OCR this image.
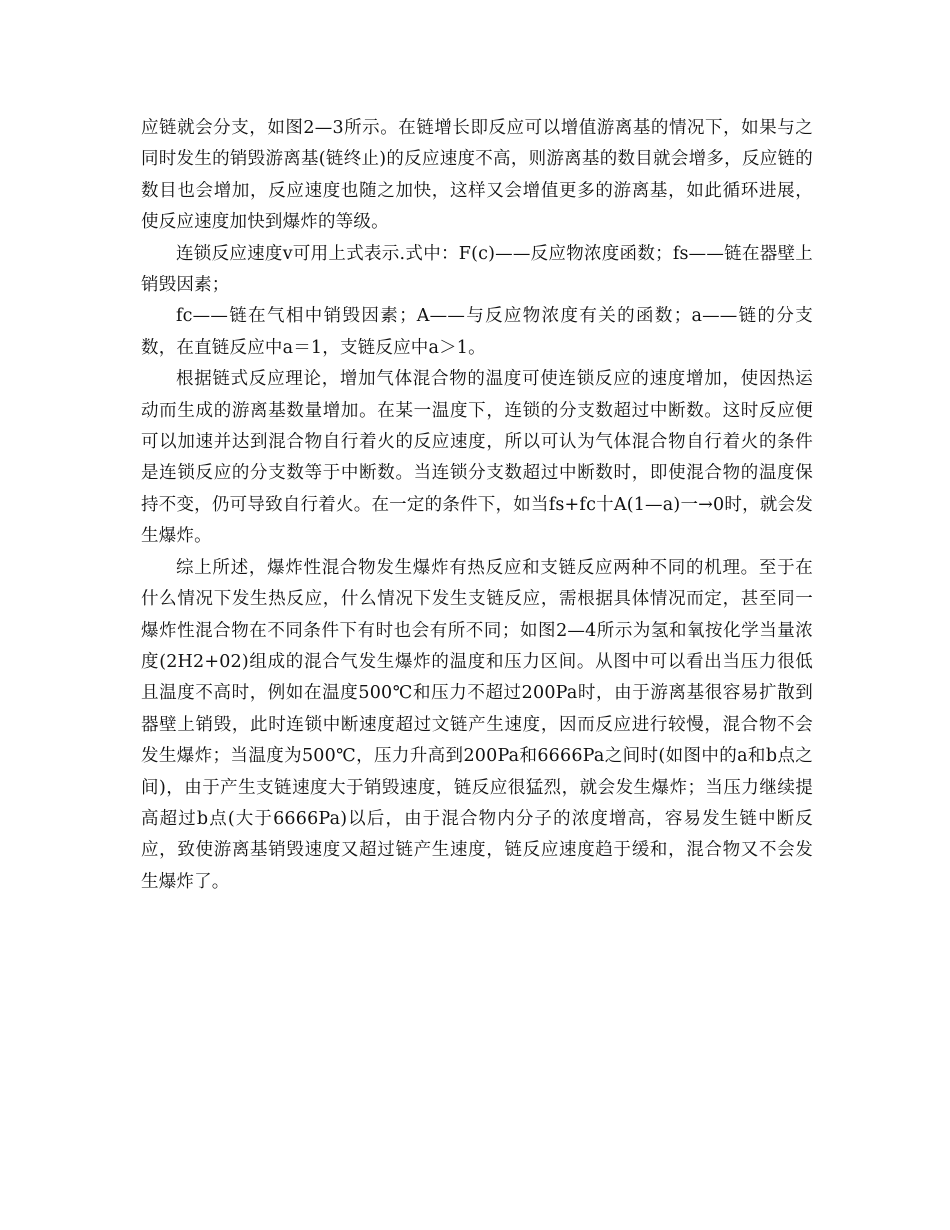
应链就会分支，如图2—3所示。在链增长即反应可以增值游离基的情况下，如果与之同时发生的销毁游离基(链终止)的反应速度不高，则游离基的数目就会增多，反应链的数目也会增加，反应速度也随之加快，这样又会增值更多的游离基，如此循环进展，使反应速度加快到爆炸的等级。

连锁反应速度v可用上式表示.式中：F(c)——反应物浓度函数；fs——链在器壁上销毁因素；

fc——链在气相中销毁因素；A——与反应物浓度有关的函数；a——链的分支数，在直链反应中a＝1，支链反应中a＞1。

根据链式反应理论，增加气体混合物的温度可使连锁反应的速度增加，使因热运动而生成的游离基数量增加。在某一温度下，连锁的分支数超过中断数。这时反应便可以加速并达到混合物自行着火的反应速度，所以可认为气体混合物自行着火的条件是连锁反应的分支数等于中断数。当连锁分支数超过中断数时，即使混合物的温度保持不变，仍可导致自行着火。在一定的条件下，如当fs+fc十A(1—a)一→0时，就会发生爆炸。

综上所述，爆炸性混合物发生爆炸有热反应和支链反应两种不同的机理。至于在什么情况下发生热反应，什么情况下发生支链反应，需根据具体情况而定，甚至同一爆炸性混合物在不同条件下有时也会有所不同；如图2—4所示为氢和氧按化学当量浓度(2H2+02)组成的混合气发生爆炸的温度和压力区间。从图中可以看出当压力很低且温度不高时，例如在温度500℃和压力不超过200Pa时，由于游离基很容易扩散到器壁上销毁，此时连锁中断速度超过文链产生速度，因而反应进行较慢，混合物不会发生爆炸；当温度为500℃，压力升高到200Pa和6666Pa之间时(如图中的a和b点之间)，由于产生支链速度大于销毁速度，链反应很猛烈，就会发生爆炸；当压力继续提高超过b点(大于6666Pa)以后，由于混合物内分子的浓度增高，容易发生链中断反应，致使游离基销毁速度又超过链产生速度，链反应速度趋于缓和，混合物又不会发生爆炸了。
